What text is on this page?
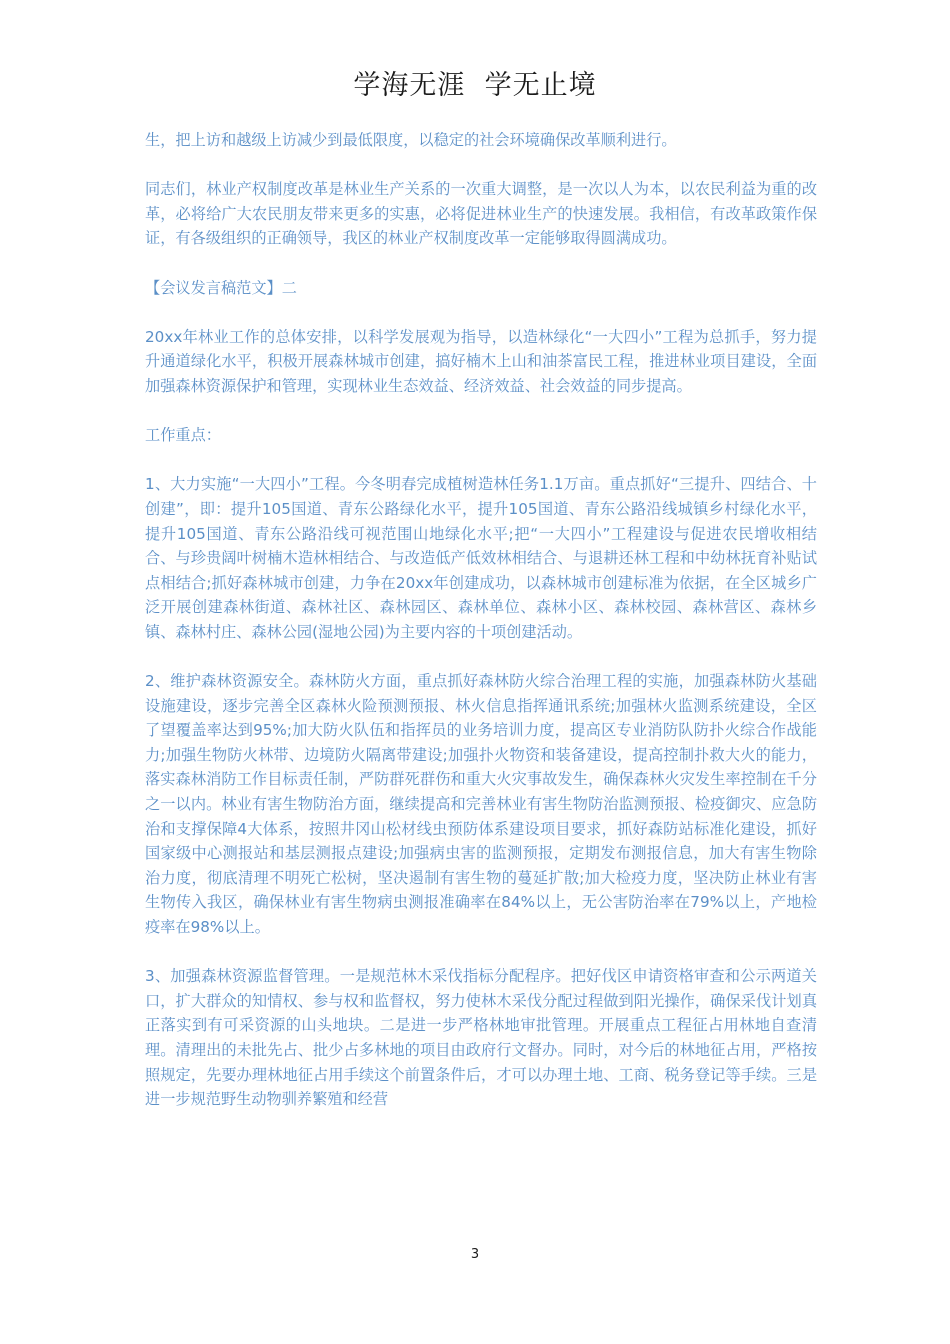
学海无涯  学无止境

生，把上访和越级上访减少到最低限度，以稳定的社会环境确保改革顺利进行。

同志们，林业产权制度改革是林业生产关系的一次重大调整，是一次以人为本，以农民利益为重的改革，必将给广大农民朋友带来更多的实惠，必将促进林业生产的快速发展。我相信，有改革政策作保证，有各级组织的正确领导，我区的林业产权制度改革一定能够取得圆满成功。

【会议发言稿范文】二

20xx年林业工作的总体安排，以科学发展观为指导，以造林绿化“一大四小”工程为总抓手，努力提升通道绿化水平，积极开展森林城市创建，搞好楠木上山和油茶富民工程，推进林业项目建设，全面加强森林资源保护和管理，实现林业生态效益、经济效益、社会效益的同步提高。

工作重点：

1、大力实施“一大四小”工程。今冬明春完成植树造林任务1.1万亩。重点抓好“三提升、四结合、十创建”，即：提升105国道、青东公路绿化水平，提升105国道、青东公路沿线城镇乡村绿化水平，提升105国道、青东公路沿线可视范围山地绿化水平;把“一大四小”工程建设与促进农民增收相结合、与珍贵阔叶树楠木造林相结合、与改造低产低效林相结合、与退耕还林工程和中幼林抚育补贴试点相结合;抓好森林城市创建，力争在20xx年创建成功，以森林城市创建标准为依据，在全区城乡广泛开展创建森林街道、森林社区、森林园区、森林单位、森林小区、森林校园、森林营区、森林乡镇、森林村庄、森林公园(湿地公园)为主要内容的十项创建活动。

2、维护森林资源安全。森林防火方面，重点抓好森林防火综合治理工程的实施，加强森林防火基础设施建设，逐步完善全区森林火险预测预报、林火信息指挥通讯系统;加强林火监测系统建设，全区了望覆盖率达到95%;加大防火队伍和指挥员的业务培训力度，提高区专业消防队防扑火综合作战能力;加强生物防火林带、边境防火隔离带建设;加强扑火物资和装备建设，提高控制扑救大火的能力，落实森林消防工作目标责任制，严防群死群伤和重大火灾事故发生，确保森林火灾发生率控制在千分之一以内。林业有害生物防治方面，继续提高和完善林业有害生物防治监测预报、检疫御灾、应急防治和支撑保障4大体系，按照井冈山松材线虫预防体系建设项目要求，抓好森防站标准化建设，抓好国家级中心测报站和基层测报点建设;加强病虫害的监测预报，定期发布测报信息，加大有害生物除治力度，彻底清理不明死亡松树，坚决遏制有害生物的蔓延扩散;加大检疫力度，坚决防止林业有害生物传入我区，确保林业有害生物病虫测报准确率在84%以上，无公害防治率在79%以上，产地检疫率在98%以上。

3、加强森林资源监督管理。一是规范林木采伐指标分配程序。把好伐区申请资格审查和公示两道关口，扩大群众的知情权、参与权和监督权，努力使林木采伐分配过程做到阳光操作，确保采伐计划真正落实到有可采资源的山头地块。二是进一步严格林地审批管理。开展重点工程征占用林地自查清理。清理出的未批先占、批少占多林地的项目由政府行文督办。同时，对今后的林地征占用，严格按照规定，先要办理林地征占用手续这个前置条件后，才可以办理土地、工商、税务登记等手续。三是进一步规范野生动物驯养繁殖和经营

3
